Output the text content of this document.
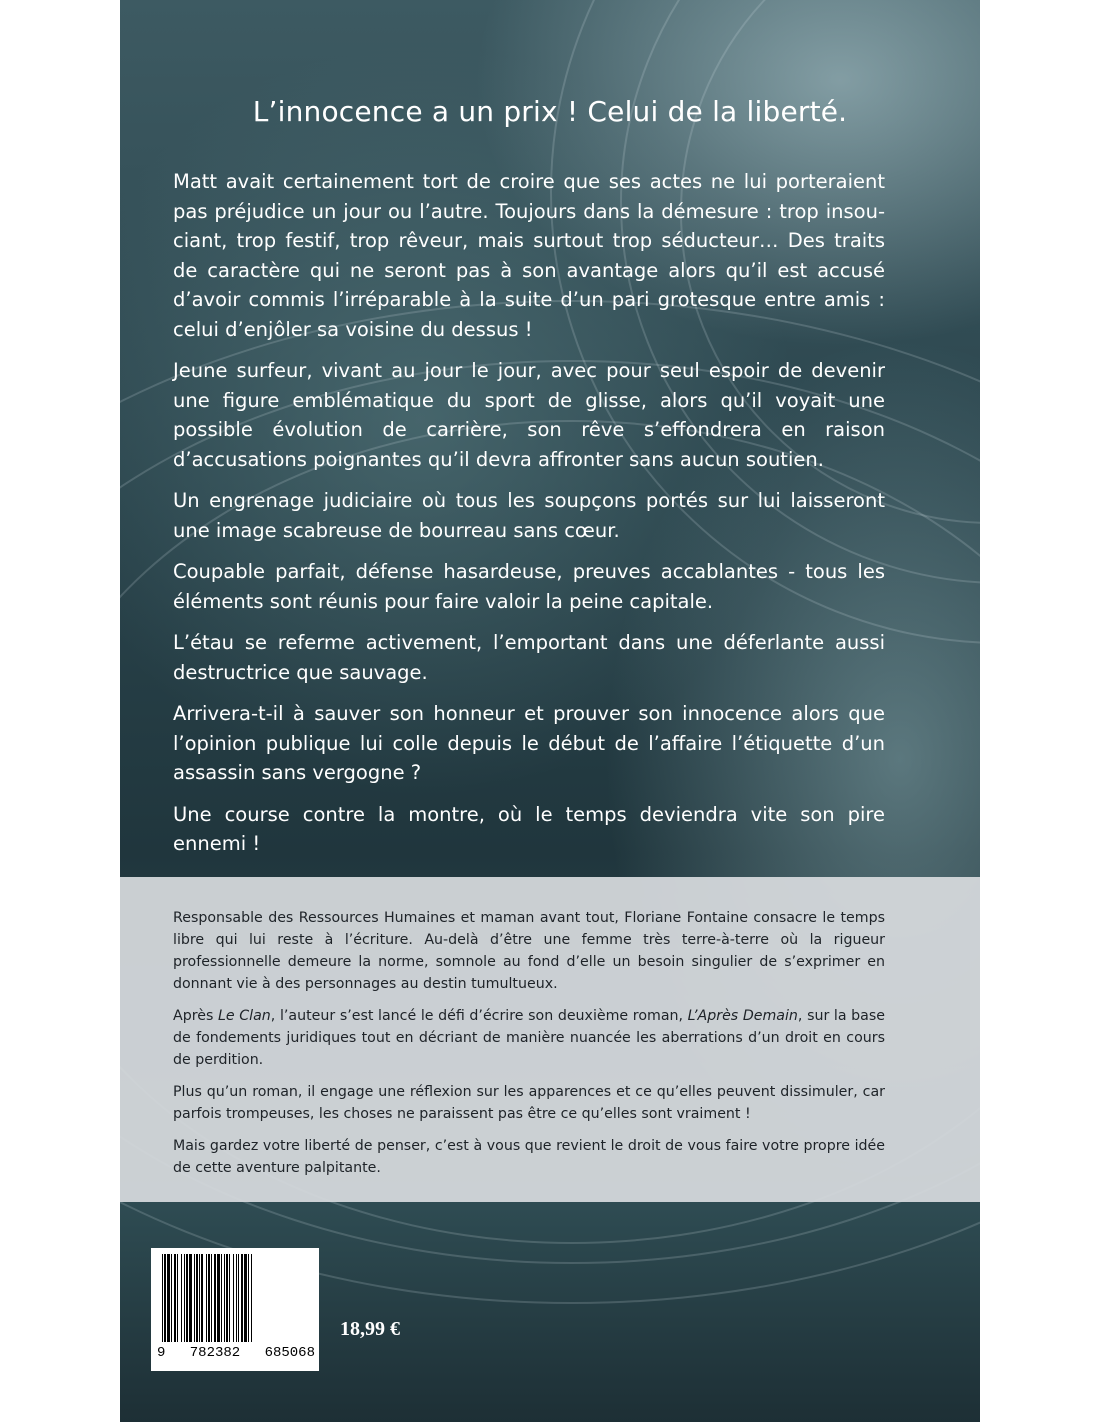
L’innocence a un prix ! Celui de la liberté.

Matt avait certainement tort de croire que ses actes ne lui porteraient pas préjudice un jour ou l’autre. Toujours dans la démesure : trop insouciant, trop festif, trop rêveur, mais surtout trop séducteur… Des traits de caractère qui ne seront pas à son avantage alors qu’il est accusé d’avoir commis l’irréparable à la suite d’un pari grotesque entre amis : celui d’enjôler sa voisine du dessus !

Jeune surfeur, vivant au jour le jour, avec pour seul espoir de devenir une figure emblématique du sport de glisse, alors qu’il voyait une possible évolution de carrière, son rêve s’effondrera en raison d’accusations poignantes qu’il devra affronter sans aucun soutien.

Un engrenage judiciaire où tous les soupçons portés sur lui laisseront une image scabreuse de bourreau sans cœur.

Coupable parfait, défense hasardeuse, preuves accablantes - tous les éléments sont réunis pour faire valoir la peine capitale.

L’étau se referme activement, l’emportant dans une déferlante aussi destructrice que sauvage.

Arrivera-t-il à sauver son honneur et prouver son innocence alors que l’opinion publique lui colle depuis le début de l’affaire l’étiquette d’un assassin sans vergogne ?

Une course contre la montre, où le temps deviendra vite son pire ennemi !

Responsable des Ressources Humaines et maman avant tout, Floriane Fontaine consacre le temps libre qui lui reste à l’écriture. Au-delà d’être une femme très terre-à-terre où la rigueur professionnelle demeure la norme, somnole au fond d’elle un besoin singulier de s’exprimer en donnant vie à des personnages au destin tumultueux.

Après Le Clan, l’auteur s’est lancé le défi d’écrire son deuxième roman, L’Après Demain, sur la base de fondements juridiques tout en décriant de manière nuancée les aberrations d’un droit en cours de perdition.

Plus qu’un roman, il engage une réflexion sur les apparences et ce qu’elles peuvent dissimuler, car parfois trompeuses, les choses ne paraissent pas être ce qu’elles sont vraiment !

Mais gardez votre liberté de penser, c’est à vous que revient le droit de vous faire votre propre idée de cette aventure palpitante.

9 782382 685068
18,99 €
